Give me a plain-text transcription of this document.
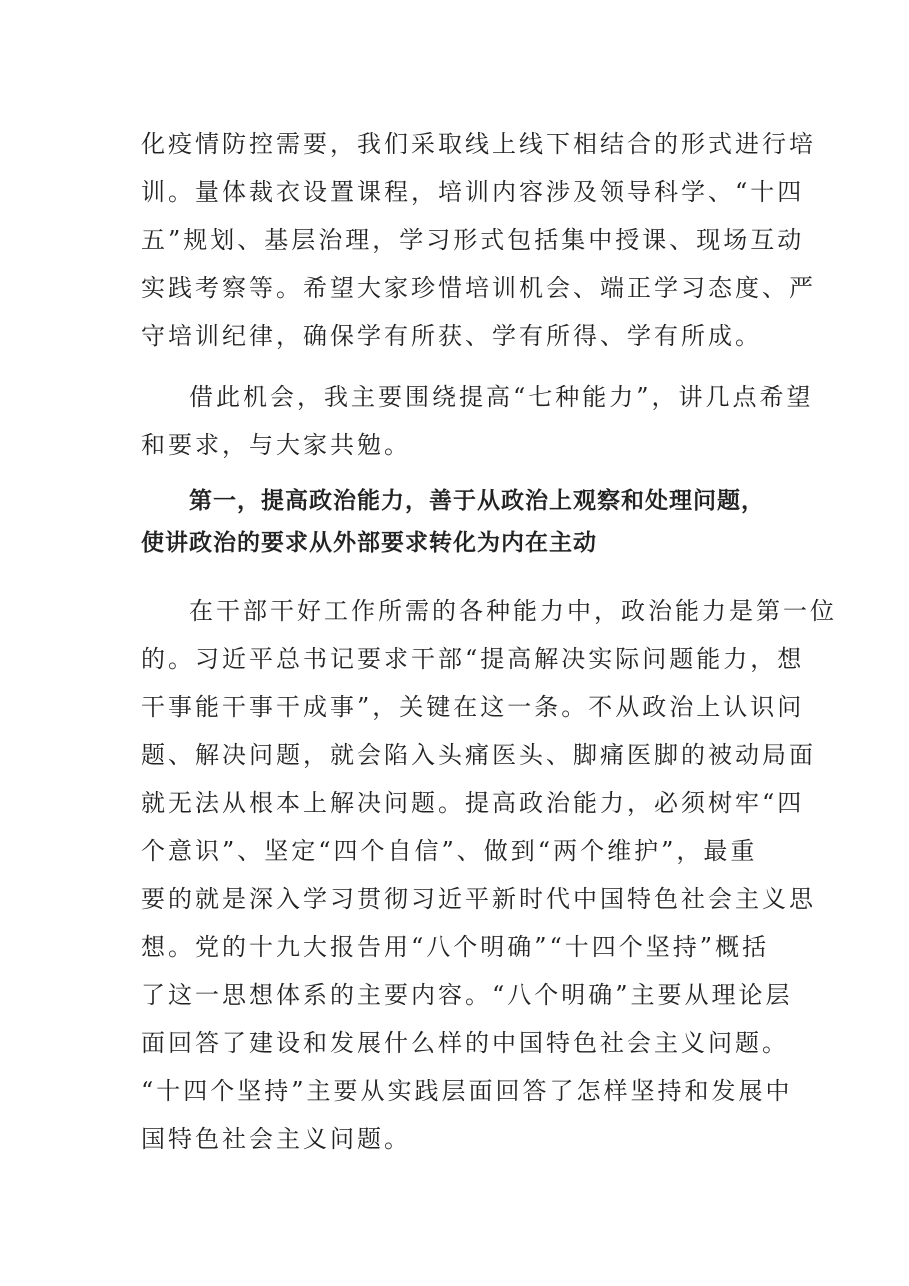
化疫情防控需要，我们采取线上线下相结合的形式进行培
训。量体裁衣设置课程，培训内容涉及领导科学、“十四
五”规划、基层治理，学习形式包括集中授课、现场互动
实践考察等。希望大家珍惜培训机会、端正学习态度、严
守培训纪律，确保学有所获、学有所得、学有所成。

借此机会，我主要围绕提高“七种能力”，讲几点希望
和要求，与大家共勉。

第一，提高政治能力，善于从政治上观察和处理问题，
使讲政治的要求从外部要求转化为内在主动

在干部干好工作所需的各种能力中，政治能力是第一位
的。习近平总书记要求干部“提高解决实际问题能力，想
干事能干事干成事”，关键在这一条。不从政治上认识问
题、解决问题，就会陷入头痛医头、脚痛医脚的被动局面
就无法从根本上解决问题。提高政治能力，必须树牢“四
个意识”、坚定“四个自信”、做到“两个维护”，最重
要的就是深入学习贯彻习近平新时代中国特色社会主义思
想。党的十九大报告用“八个明确”“十四个坚持”概括
了这一思想体系的主要内容。“八个明确”主要从理论层
面回答了建设和发展什么样的中国特色社会主义问题。
“十四个坚持”主要从实践层面回答了怎样坚持和发展中
国特色社会主义问题。
